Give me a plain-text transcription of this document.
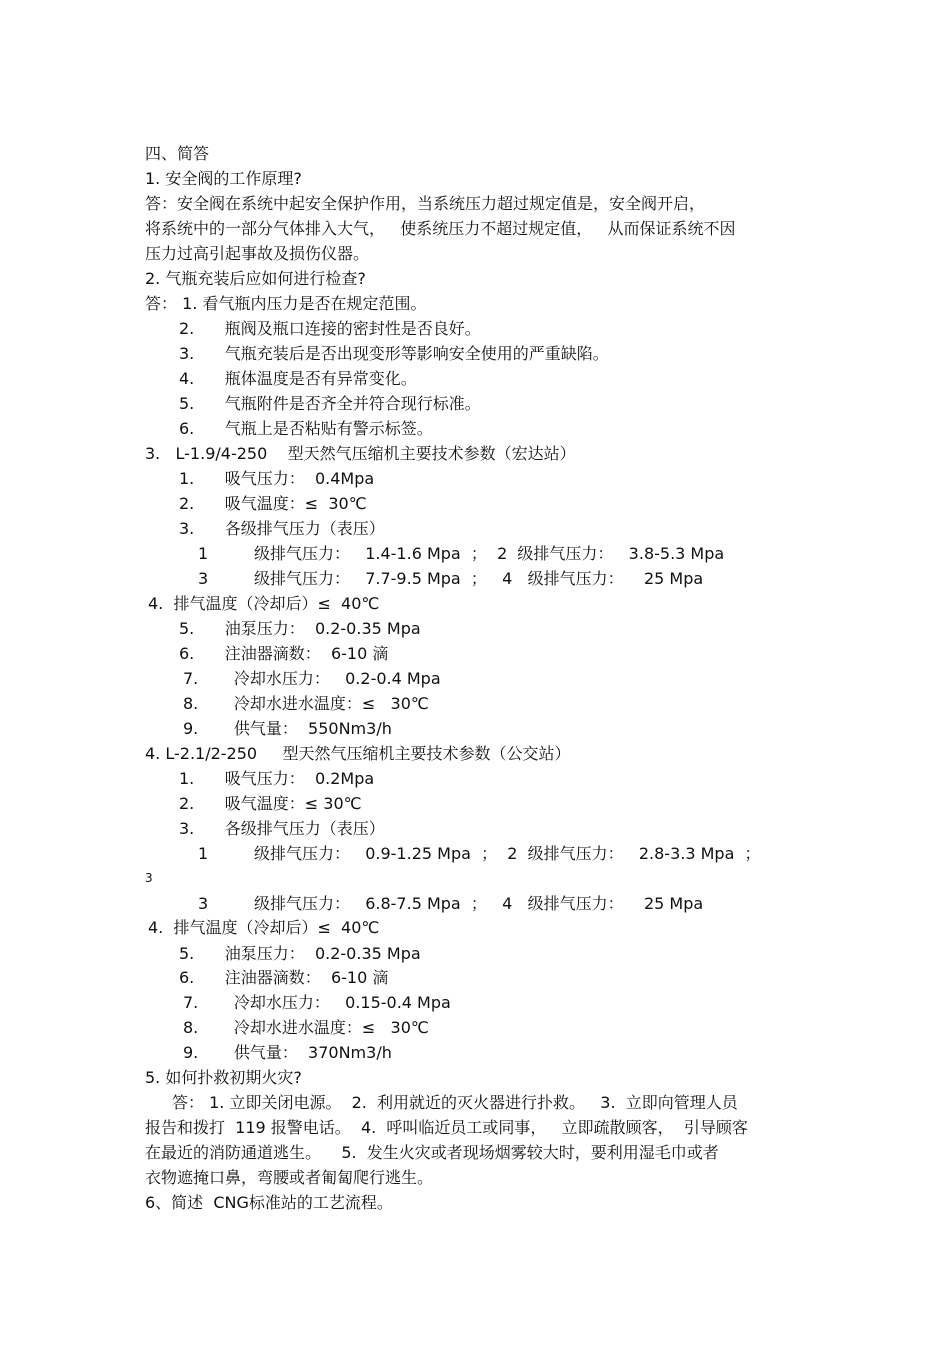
四、简答
1. 安全阀的工作原理?
答：安全阀在系统中起安全保护作用，当系统压力超过规定值是，安全阀开启，
将系统中的一部分气体排入大气，   使系统压力不超过规定值，   从而保证系统不因
压力过高引起事故及损伤仪器。
2. 气瓶充装后应如何进行检查?
答： 1. 看气瓶内压力是否在规定范围。
2.      瓶阀及瓶口连接的密封性是否良好。
3.      气瓶充装后是否出现变形等影响安全使用的严重缺陷。
4.      瓶体温度是否有异常变化。
5.      气瓶附件是否齐全并符合现行标准。
6.      气瓶上是否粘贴有警示标签。
3.   L-1.9/4-250    型天然气压缩机主要技术参数（宏达站）
1.      吸气压力：  0.4Mpa
2.      吸气温度：≤  30℃
3.      各级排气压力（表压）
1         级排气压力：   1.4-1.6 Mpa  ；  2  级排气压力：   3.8-5.3 Mpa
3         级排气压力：   7.7-9.5 Mpa  ；   4   级排气压力：    25 Mpa
4.  排气温度（冷却后）≤  40℃
5.      油泵压力：  0.2-0.35 Mpa
6.      注油器滴数：  6-10 滴
7.       冷却水压力：   0.2-0.4 Mpa
8.       冷却水进水温度：≤   30℃
9.       供气量：  550Nm3/h
4. L-2.1/2-250     型天然气压缩机主要技术参数（公交站）
1.      吸气压力：  0.2Mpa
2.      吸气温度：≤ 30℃
3.      各级排气压力（表压）
1         级排气压力：   0.9-1.25 Mpa  ；  2  级排气压力：   2.8-3.3 Mpa  ；
3
3         级排气压力：   6.8-7.5 Mpa  ；   4   级排气压力：    25 Mpa
4.  排气温度（冷却后）≤  40℃
5.      油泵压力：  0.2-0.35 Mpa
6.      注油器滴数：  6-10 滴
7.       冷却水压力：   0.15-0.4 Mpa
8.       冷却水进水温度：≤   30℃
9.       供气量：  370Nm3/h
5. 如何扑救初期火灾?
答： 1. 立即关闭电源。  2.  利用就近的灭火器进行扑救。   3.  立即向管理人员
报告和拨打  119 报警电话。  4.  呼叫临近员工或同事，   立即疏散顾客，  引导顾客
在最近的消防通道逃生。    5.  发生火灾或者现场烟雾较大时，要利用湿毛巾或者
衣物遮掩口鼻，弯腰或者匍匐爬行逃生。
6、简述  CNG标准站的工艺流程。
